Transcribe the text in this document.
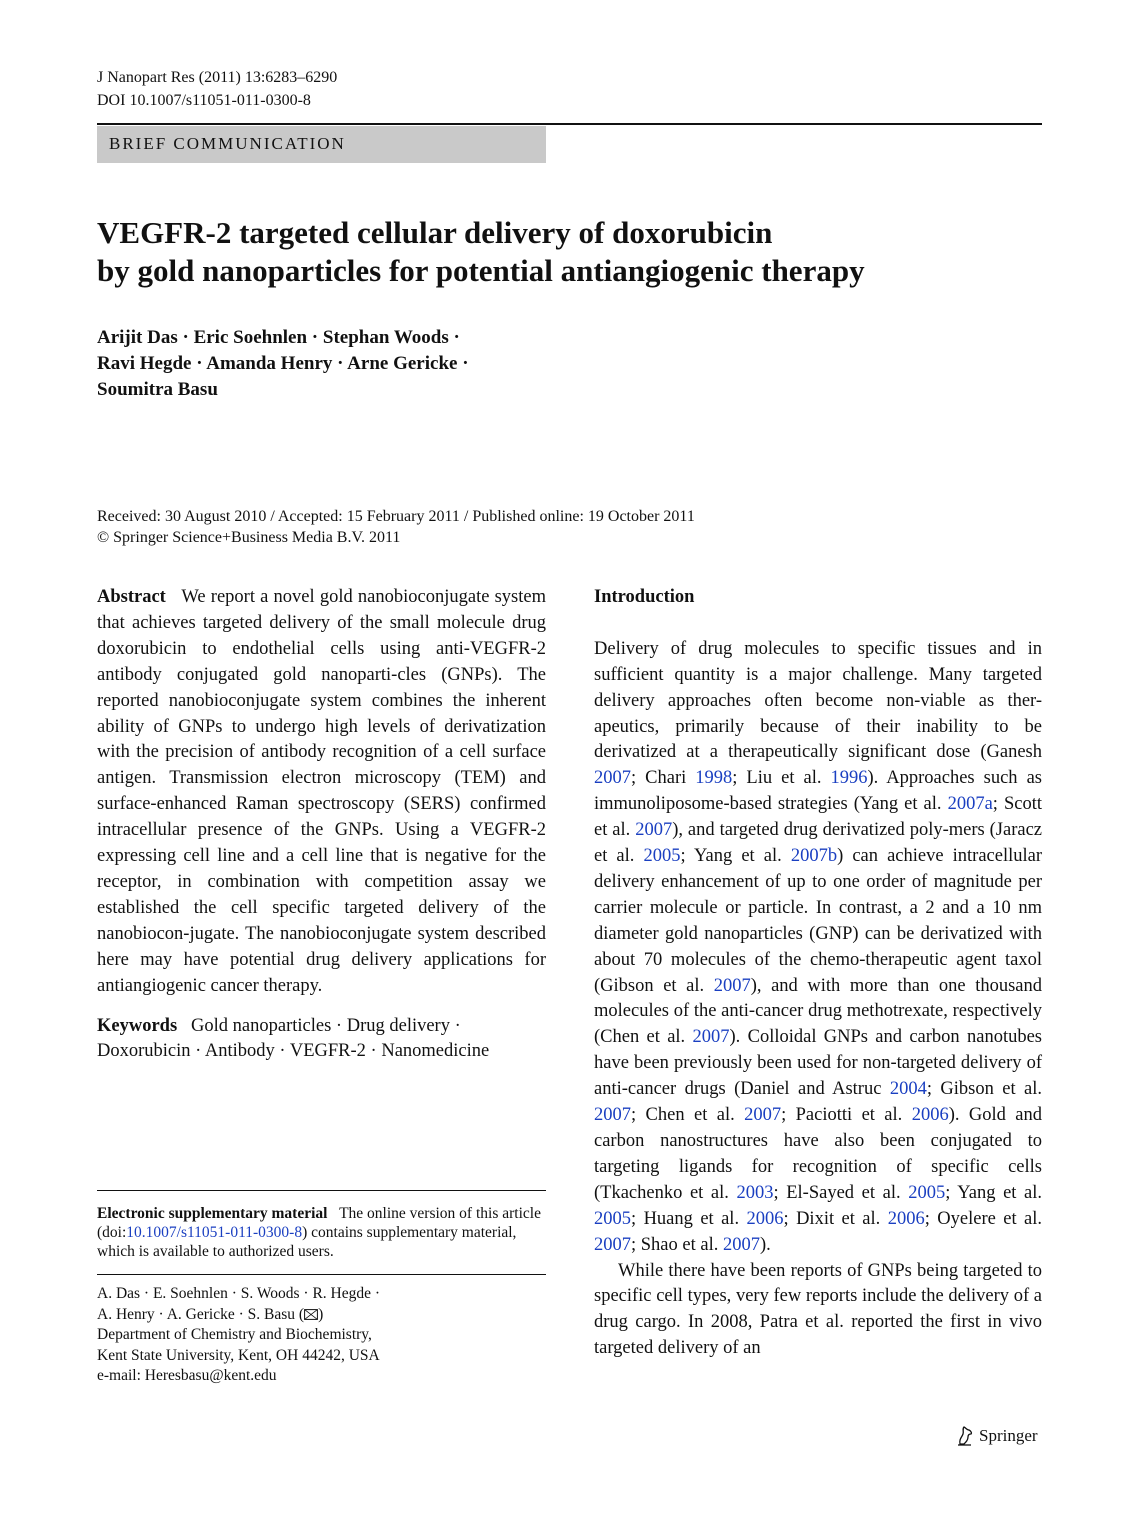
J Nanopart Res (2011) 13:6283–6290
DOI 10.1007/s11051-011-0300-8
BRIEF COMMUNICATION
VEGFR-2 targeted cellular delivery of doxorubicin
by gold nanoparticles for potential antiangiogenic therapy
Arijit Das · Eric Soehnlen · Stephan Woods ·
Ravi Hegde · Amanda Henry · Arne Gericke ·
Soumitra Basu
Received: 30 August 2010 / Accepted: 15 February 2011 / Published online: 19 October 2011
© Springer Science+Business Media B.V. 2011

Abstract We report a novel gold nanobioconjugate system that achieves targeted delivery of the small molecule drug doxorubicin to endothelial cells using anti-VEGFR-2 antibody conjugated gold nanoparti-cles (GNPs). The reported nanobioconjugate system combines the inherent ability of GNPs to undergo high levels of derivatization with the precision of antibody recognition of a cell surface antigen. Transmission electron microscopy (TEM) and surface-enhanced Raman spectroscopy (SERS) confirmed intracellular presence of the GNPs. Using a VEGFR-2 expressing cell line and a cell line that is negative for the receptor, in combination with competition assay we established the cell specific targeted delivery of the nanobiocon-jugate. The nanobioconjugate system described here may have potential drug delivery applications for antiangiogenic cancer therapy.

Keywords Gold nanoparticles · Drug delivery · Doxorubicin · Antibody · VEGFR-2 · Nanomedicine

Electronic supplementary material The online version of this article (doi:10.1007/s11051-011-0300-8) contains supplementary material, which is available to authorized users.
A. Das · E. Soehnlen · S. Woods · R. Hegde ·
A. Henry · A. Gericke · S. Basu ( )
Department of Chemistry and Biochemistry,
Kent State University, Kent, OH 44242, USA
e-mail: Heresbasu@kent.edu

Introduction

Delivery of drug molecules to specific tissues and in sufficient quantity is a major challenge. Many targeted delivery approaches often become non-viable as ther-apeutics, primarily because of their inability to be derivatized at a therapeutically significant dose (Ganesh 2007; Chari 1998; Liu et al. 1996). Approaches such as immunoliposome-based strategies (Yang et al. 2007a; Scott et al. 2007), and targeted drug derivatized poly-mers (Jaracz et al. 2005; Yang et al. 2007b) can achieve intracellular delivery enhancement of up to one order of magnitude per carrier molecule or particle. In contrast, a 2 and a 10 nm diameter gold nanoparticles (GNP) can be derivatized with about 70 molecules of the chemo-therapeutic agent taxol (Gibson et al. 2007), and with more than one thousand molecules of the anti-cancer drug methotrexate, respectively (Chen et al. 2007). Colloidal GNPs and carbon nanotubes have been previously been used for non-targeted delivery of anti-cancer drugs (Daniel and Astruc 2004; Gibson et al. 2007; Chen et al. 2007; Paciotti et al. 2006). Gold and carbon nanostructures have also been conjugated to targeting ligands for recognition of specific cells (Tkachenko et al. 2003; El-Sayed et al. 2005; Yang et al. 2005; Huang et al. 2006; Dixit et al. 2006; Oyelere et al. 2007; Shao et al. 2007).

While there have been reports of GNPs being targeted to specific cell types, very few reports include the delivery of a drug cargo. In 2008, Patra et al. reported the first in vivo targeted delivery of an

Springer
